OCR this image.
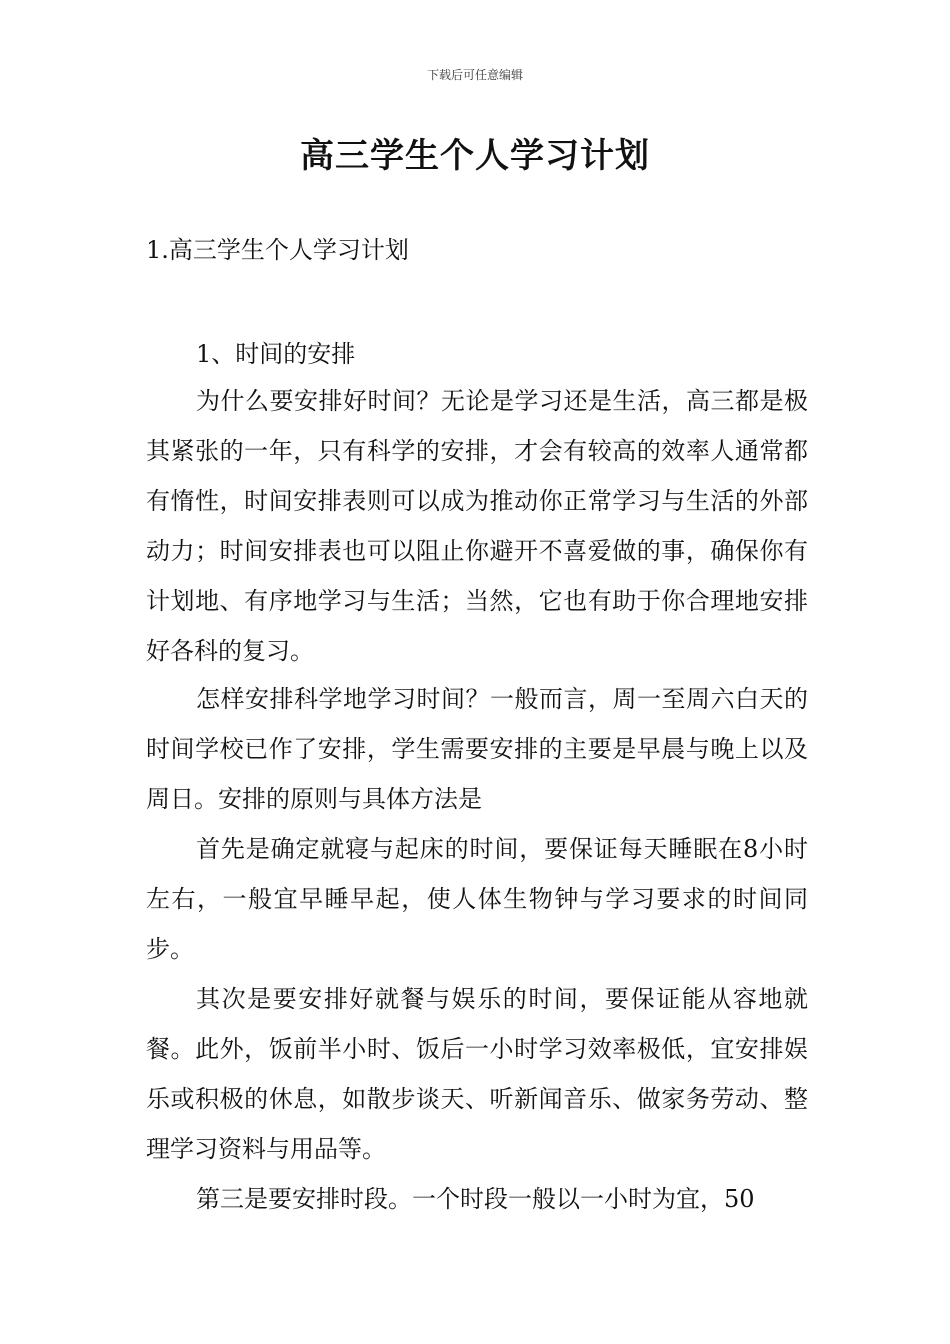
下载后可任意编辑
高三学生个人学习计划
1.高三学生个人学习计划
1、时间的安排

为什么要安排好时间？无论是学习还是生活，高三都是极其紧张的一年，只有科学的安排，才会有较高的效率人通常都有惰性，时间安排表则可以成为推动你正常学习与生活的外部动力；时间安排表也可以阻止你避开不喜爱做的事，确保你有计划地、有序地学习与生活；当然，它也有助于你合理地安排好各科的复习。

怎样安排科学地学习时间？一般而言，周一至周六白天的时间学校已作了安排，学生需要安排的主要是早晨与晚上以及周日。安排的原则与具体方法是

首先是确定就寝与起床的时间，要保证每天睡眠在8小时左右，一般宜早睡早起，使人体生物钟与学习要求的时间同步。

其次是要安排好就餐与娱乐的时间，要保证能从容地就餐。此外，饭前半小时、饭后一小时学习效率极低，宜安排娱乐或积极的休息，如散步谈天、听新闻音乐、做家务劳动、整理学习资料与用品等。

第三是要安排时段。一个时段一般以一小时为宜，50
